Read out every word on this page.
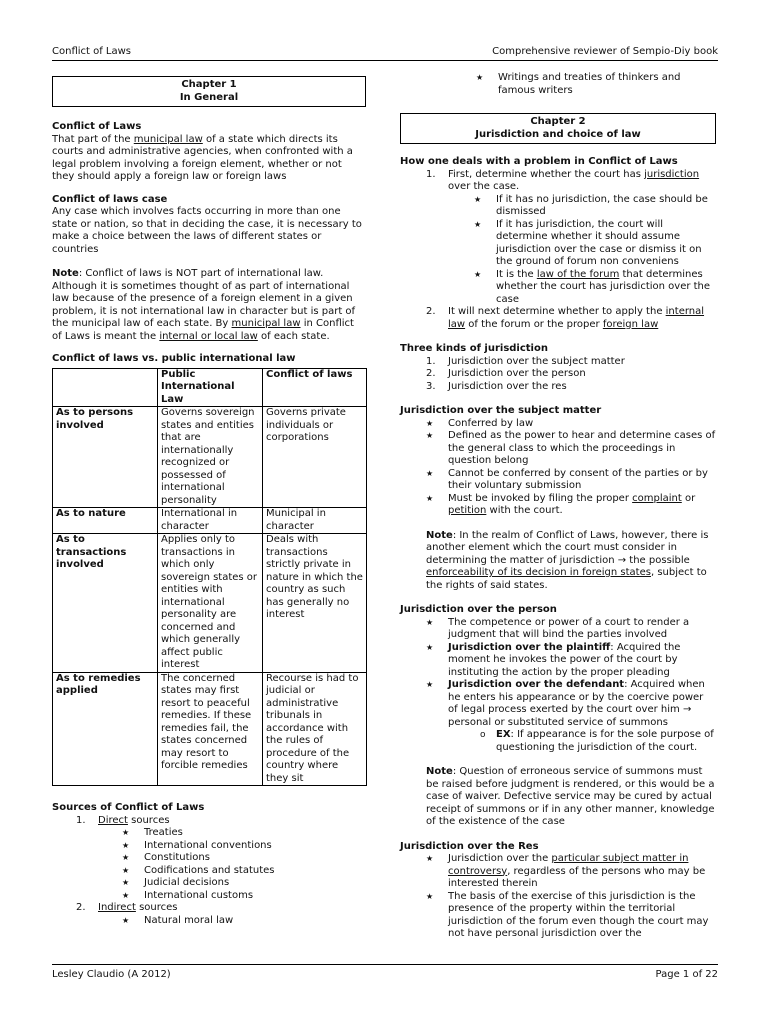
Conflict of Laws	Comprehensive reviewer of Sempio-Diy book
Chapter 1
In General
Conflict of Laws

That part of the municipal law of a state which directs its courts and administrative agencies, when confronted with a legal problem involving a foreign element, whether or not they should apply a foreign law or foreign laws

Conflict of laws case

Any case which involves facts occurring in more than one state or nation, so that in deciding the case, it is necessary to make a choice between the laws of different states or countries

Note: Conflict of laws is NOT part of international law. Although it is sometimes thought of as part of international law because of the presence of a foreign element in a given problem, it is not international law in character but is part of the municipal law of each state. By municipal law in Conflict of Laws is meant the internal or local law of each state.

Conflict of laws vs. public international law
	Public International Law	Conflict of laws
As to persons involved	Governs sovereign states and entities that are internationally recognized or possessed of international personality	Governs private individuals or corporations
As to nature	International in character	Municipal in character
As to transactions involved	Applies only to transactions in which only sovereign states or entities with international personality are concerned and which generally affect public interest	Deals with transactions strictly private in nature in which the country as such has generally no interest
As to remedies applied	The concerned states may first resort to peaceful remedies. If these remedies fail, the states concerned may resort to forcible remedies	Recourse is had to judicial or administrative tribunals in accordance with the rules of procedure of the country where they sit
Sources of Conflict of Laws
1. Direct sources
★ Treaties
★ International conventions
★ Constitutions
★ Codifications and statutes
★ Judicial decisions
★ International customs
2. Indirect sources
★ Natural moral law
★ Writings and treaties of thinkers and famous writers
Chapter 2
Jurisdiction and choice of law
How one deals with a problem in Conflict of Laws
1. First, determine whether the court has jurisdiction over the case.
★ If it has no jurisdiction, the case should be dismissed
★ If it has jurisdiction, the court will determine whether it should assume jurisdiction over the case or dismiss it on the ground of forum non conveniens
★ It is the law of the forum that determines whether the court has jurisdiction over the case
2. It will next determine whether to apply the internal law of the forum or the proper foreign law
Three kinds of jurisdiction
1. Jurisdiction over the subject matter
2. Jurisdiction over the person
3. Jurisdiction over the res
Jurisdiction over the subject matter
★ Conferred by law
★ Defined as the power to hear and determine cases of the general class to which the proceedings in question belong
★ Cannot be conferred by consent of the parties or by their voluntary submission
★ Must be invoked by filing the proper complaint or petition with the court.

Note: In the realm of Conflict of Laws, however, there is another element which the court must consider in determining the matter of jurisdiction → the possible enforceability of its decision in foreign states, subject to the rights of said states.

Jurisdiction over the person
★ The competence or power of a court to render a judgment that will bind the parties involved
★ Jurisdiction over the plaintiff: Acquired the moment he invokes the power of the court by instituting the action by the proper pleading
★ Jurisdiction over the defendant: Acquired when he enters his appearance or by the coercive power of legal process exerted by the court over him → personal or substituted service of summons
o EX: If appearance is for the sole purpose of questioning the jurisdiction of the court.

Note: Question of erroneous service of summons must be raised before judgment is rendered, or this would be a case of waiver. Defective service may be cured by actual receipt of summons or if in any other manner, knowledge of the existence of the case

Jurisdiction over the Res
★ Jurisdiction over the particular subject matter in controversy, regardless of the persons who may be interested therein
★ The basis of the exercise of this jurisdiction is the presence of the property within the territorial jurisdiction of the forum even though the court may not have personal jurisdiction over the
Lesley Claudio (A 2012)	Page 1 of 22
